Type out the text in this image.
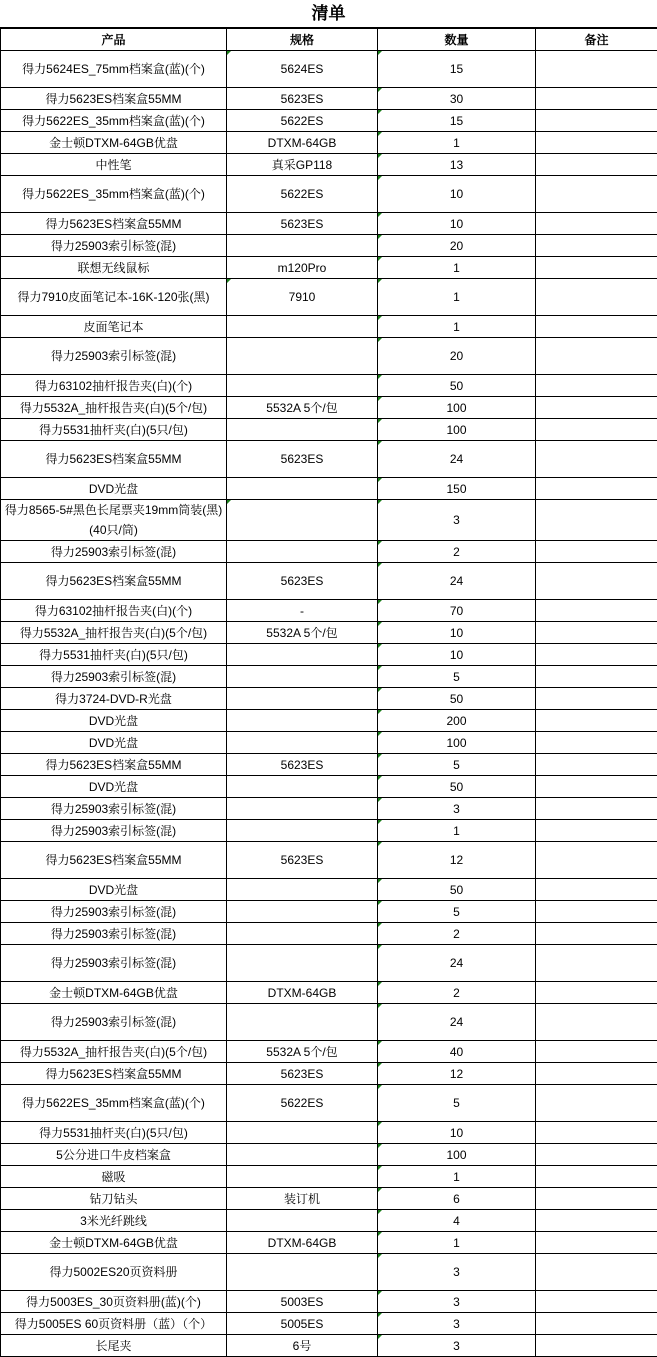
清单
产品	规格	数量	备注
得力5624ES_75mm档案盒(蓝)(个)	5624ES	15	
得力5623ES档案盒55MM	5623ES	30	
得力5622ES_35mm档案盒(蓝)(个)	5622ES	15	
金士顿DTXM-64GB优盘	DTXM-64GB	1	
中性笔	真采GP118	13	
得力5622ES_35mm档案盒(蓝)(个)	5622ES	10	
得力5623ES档案盒55MM	5623ES	10	
得力25903索引标签(混)		20	
联想无线鼠标	m120Pro	1	
得力7910皮面笔记本-16K-120张(黑)	7910	1	
皮面笔记本		1	
得力25903索引标签(混)		20	
得力63102抽杆报告夹(白)(个)		50	
得力5532A_抽杆报告夹(白)(5个/包)	5532A 5个/包	100	
得力5531抽杆夹(白)(5只/包)		100	
得力5623ES档案盒55MM	5623ES	24	
DVD光盘		150	
得力8565-5#黑色长尾票夹19mm筒装(黑)(40只/筒)		3	
得力25903索引标签(混)		2	
得力5623ES档案盒55MM	5623ES	24	
得力63102抽杆报告夹(白)(个)	-	70	
得力5532A_抽杆报告夹(白)(5个/包)	5532A 5个/包	10	
得力5531抽杆夹(白)(5只/包)		10	
得力25903索引标签(混)		5	
得力3724-DVD-R光盘		50	
DVD光盘		200	
DVD光盘		100	
得力5623ES档案盒55MM	5623ES	5	
DVD光盘		50	
得力25903索引标签(混)		3	
得力25903索引标签(混)		1	
得力5623ES档案盒55MM	5623ES	12	
DVD光盘		50	
得力25903索引标签(混)		5	
得力25903索引标签(混)		2	
得力25903索引标签(混)		24	
金士顿DTXM-64GB优盘	DTXM-64GB	2	
得力25903索引标签(混)		24	
得力5532A_抽杆报告夹(白)(5个/包)	5532A 5个/包	40	
得力5623ES档案盒55MM	5623ES	12	
得力5622ES_35mm档案盒(蓝)(个)	5622ES	5	
得力5531抽杆夹(白)(5只/包)		10	
5公分进口牛皮档案盒		100	
磁吸		1	
钻刀钻头	装订机	6	
3米光纤跳线		4	
金士顿DTXM-64GB优盘	DTXM-64GB	1	
得力5002ES20页资料册		3	
得力5003ES_30页资料册(蓝)(个)	5003ES	3	
得力5005ES 60页资料册（蓝）（个）	5005ES	3	
长尾夹	6号	3	
